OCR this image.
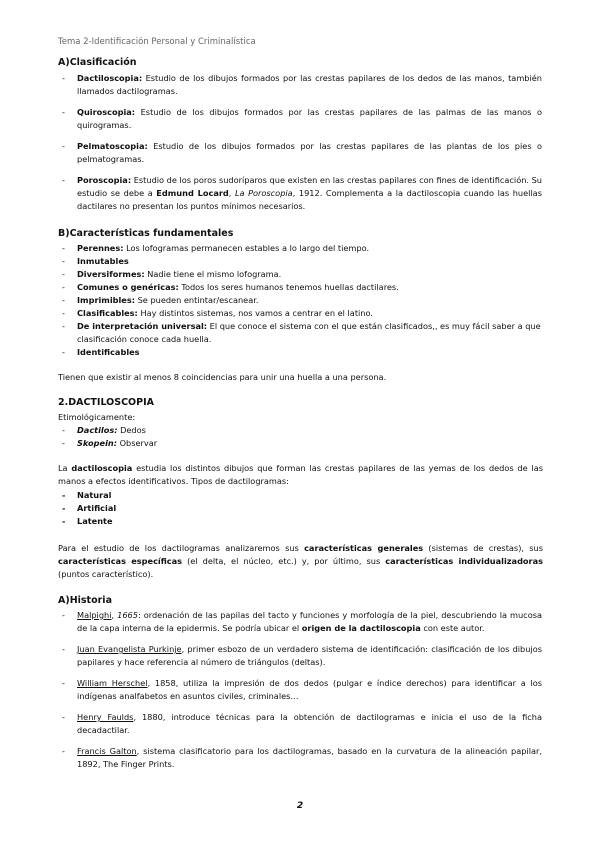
Tema 2-Identificación Personal y Criminalística
A)Clasificación
- Dactiloscopia: Estudio de los dibujos formados por las crestas papilares de los dedos de las manos, también llamados dactilogramas.
- Quiroscopia: Estudio de los dibujos formados por las crestas papilares de las palmas de las manos o quirogramas.
- Pelmatoscopia: Estudio de los dibujos formados por las crestas papilares de las plantas de los pies o pelmatogramas.
- Poroscopia: Estudio de los poros sudoríparos que existen en las crestas papilares con fines de identificación. Su estudio se debe a Edmund Locard, La Poroscopia, 1912. Complementa a la dactiloscopia cuando las huellas dactilares no presentan los puntos mínimos necesarios.
B)Características fundamentales
- Perennes: Los lofogramas permanecen estables a lo largo del tiempo.
- Inmutables
- Diversiformes: Nadie tiene el mismo lofograma.
- Comunes o genéricas: Todos los seres humanos tenemos huellas dactilares.
- Imprimibles: Se pueden entintar/escanear.
- Clasificables: Hay distintos sistemas, nos vamos a centrar en el latino.
- De interpretación universal: El que conoce el sistema con el que están clasificados,, es muy fácil saber a que clasificación conoce cada huella.
- Identificables
Tienen que existir al menos 8 coincidencias para unir una huella a una persona.
2.DACTILOSCOPIA
Etimológicamente:
- Dactilos: Dedos
- Skopein: Observar
La dactiloscopia estudia los distintos dibujos que forman las crestas papilares de las yemas de los dedos de las manos a efectos identificativos. Tipos de dactilogramas:
- Natural
- Artificial
- Latente
Para el estudio de los dactilogramas analizaremos sus características generales (sistemas de crestas), sus características específicas (el delta, el núcleo, etc.) y, por último, sus características individualizadoras (puntos característico).
A)Historia
- Malpighi, 1665: ordenación de las papilas del tacto y funciones y morfología de la piel, descubriendo la mucosa de la capa interna de la epidermis. Se podría ubicar el origen de la dactiloscopia con este autor.
- Juan Evangelista Purkinje, primer esbozo de un verdadero sistema de identificación: clasificación de los dibujos papilares y hace referencia al número de triángulos (deltas).
- William Herschel, 1858, utiliza la impresión de dos dedos (pulgar e índice derechos) para identificar a los indígenas analfabetos en asuntos civiles, criminales…
- Henry Faulds, 1880, introduce técnicas para la obtención de dactilogramas e inicia el uso de la ficha decadactilar.
- Francis Galton, sistema clasificatorio para los dactilogramas, basado en la curvatura de la alineación papilar, 1892, The Finger Prints.
2
